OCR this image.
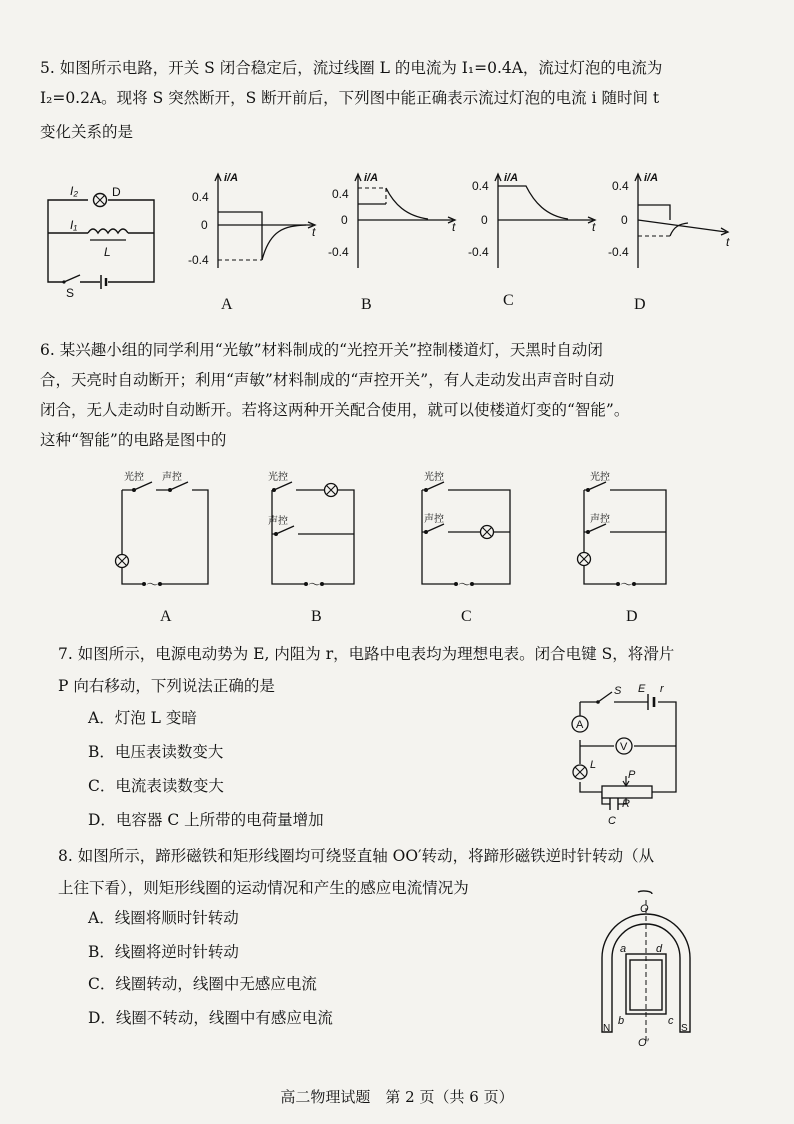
5. 如图所示电路，开关 S 闭合稳定后，流过线圈 L 的电流为 I₁=0.4A，流过灯泡的电流为
I₂=0.2A。现将 S 突然断开，S 断开前后，下列图中能正确表示流过灯泡的电流 i 随时间 t
变化关系的是
I₂	D
I₁
L
S
i/A
0.4
0
-0.4
t
A
i/A
0.4
0
-0.4
t
B
i/A
0.4
0
-0.4
t
C
i/A
0.4
0
-0.4
t
D
6. 某兴趣小组的同学利用“光敏”材料制成的“光控开关”控制楼道灯，天黑时自动闭
合，天亮时自动断开；利用“声敏”材料制成的“声控开关”，有人走动发出声音时自动
闭合，无人走动时自动断开。若将这两种开关配合使用，就可以使楼道灯变的“智能”。
这种“智能”的电路是图中的
～
光控 声控
A
～
光控
声控
B
～
光控
声控
C
～
光控
声控
D
7. 如图所示，电源电动势为 E, 内阻为 r，电路中电表均为理想电表。闭合电键 S，将滑片
P 向右移动，下列说法正确的是
A．灯泡 L 变暗
B．电压表读数变大
C．电流表读数变大
D．电容器 C 上所带的电荷量增加
S E r
A
V
L
P
R
C
8. 如图所示，蹄形磁铁和矩形线圈均可绕竖直轴 OO′转动，将蹄形磁铁逆时针转动（从
上往下看），则矩形线圈的运动情况和产生的感应电流情况为
A．线圈将顺时针转动
B．线圈将逆时针转动
C．线圈转动，线圈中无感应电流
D．线圈不转动，线圈中有感应电流
O
O′
a	d
b	c
N	S
高二物理试题　第 2 页（共 6 页）
